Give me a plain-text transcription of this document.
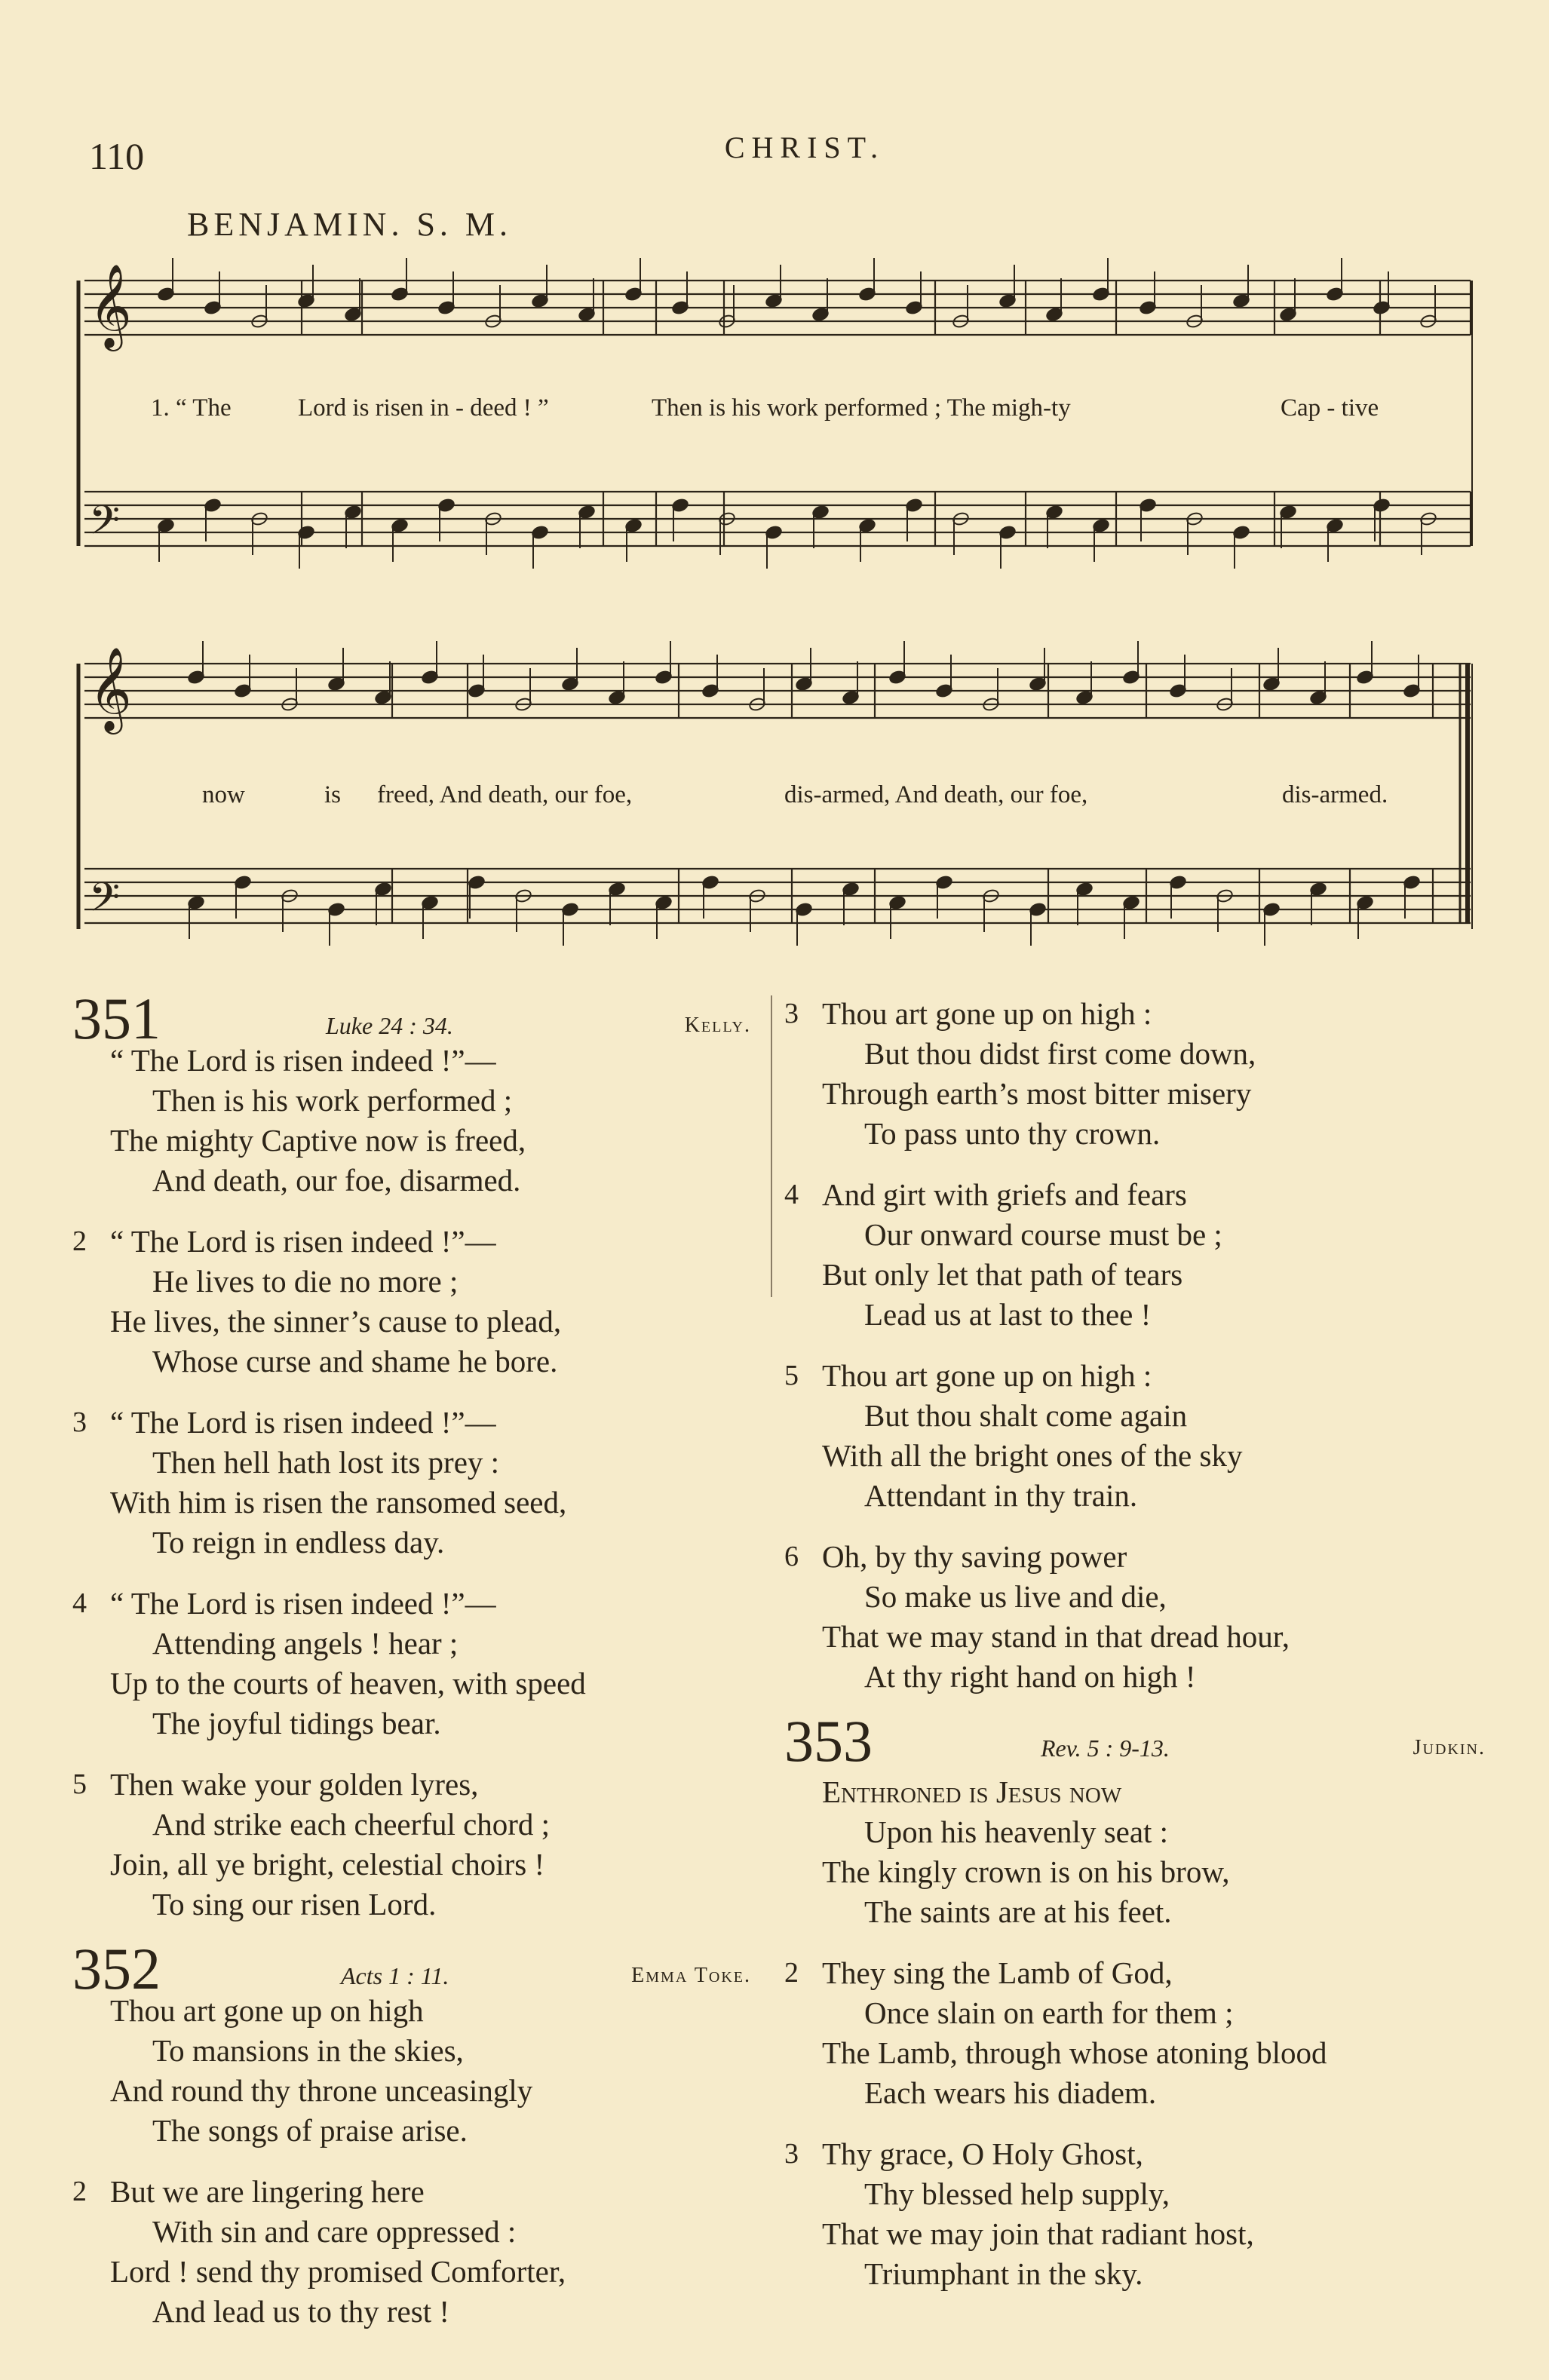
110	CHRIST.
BENJAMIN. S. M.
𝄞
𝄢
𝄞
𝄢
1. “ The	Lord is risen in - deed ! ”	Then is his work performed ; The migh-ty	Cap - tive
now	is freed, And death, our foe,	dis-armed, And death, our foe,	dis-armed.
351	Luke 24 : 34.	Kelly.
“ The Lord is risen indeed !”—
Then is his work performed ;
The mighty Captive now is freed,
And death, our foe, disarmed.
2 “ The Lord is risen indeed !”—
He lives to die no more ;
He lives, the sinner’s cause to plead,
Whose curse and shame he bore.
3 “ The Lord is risen indeed !”—
Then hell hath lost its prey :
With him is risen the ransomed seed,
To reign in endless day.
4 “ The Lord is risen indeed !”—
Attending angels ! hear ;
Up to the courts of heaven, with speed
The joyful tidings bear.
5 Then wake your golden lyres,
And strike each cheerful chord ;
Join, all ye bright, celestial choirs !
To sing our risen Lord.
352	Acts 1 : 11.	Emma Toke.
Thou art gone up on high
To mansions in the skies,
And round thy throne unceasingly
The songs of praise arise.
2 But we are lingering here
With sin and care oppressed :
Lord ! send thy promised Comforter,
And lead us to thy rest !
3 Thou art gone up on high :
But thou didst first come down,
Through earth’s most bitter misery
To pass unto thy crown.
4 And girt with griefs and fears
Our onward course must be ;
But only let that path of tears
Lead us at last to thee !
5 Thou art gone up on high :
But thou shalt come again
With all the bright ones of the sky
Attendant in thy train.
6 Oh, by thy saving power
So make us live and die,
That we may stand in that dread hour,
At thy right hand on high !
353	Rev. 5 : 9-13.	Judkin.
Enthroned is Jesus now
Upon his heavenly seat :
The kingly crown is on his brow,
The saints are at his feet.
2 They sing the Lamb of God,
Once slain on earth for them ;
The Lamb, through whose atoning blood
Each wears his diadem.
3 Thy grace, O Holy Ghost,
Thy blessed help supply,
That we may join that radiant host,
Triumphant in the sky.
